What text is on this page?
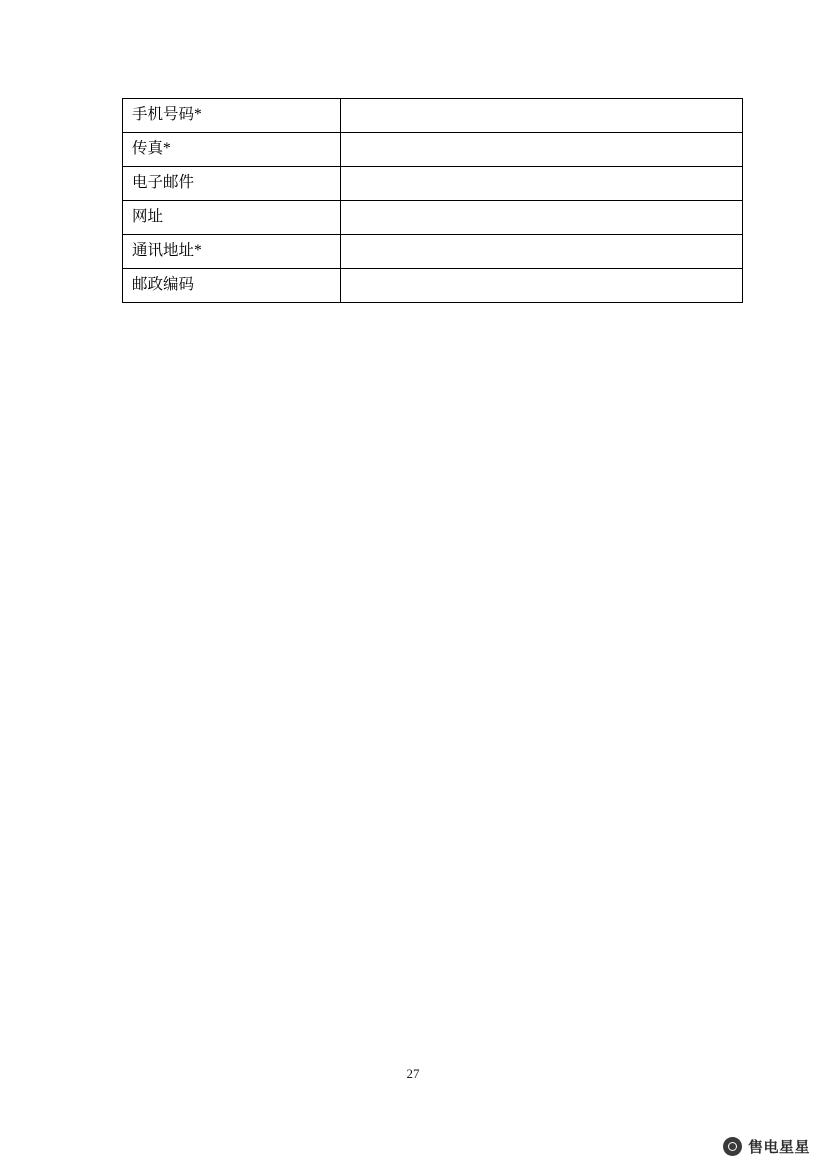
手机号码*	
传真*	
电子邮件	
网址	
通讯地址*	
邮政编码	
27
售电星星
